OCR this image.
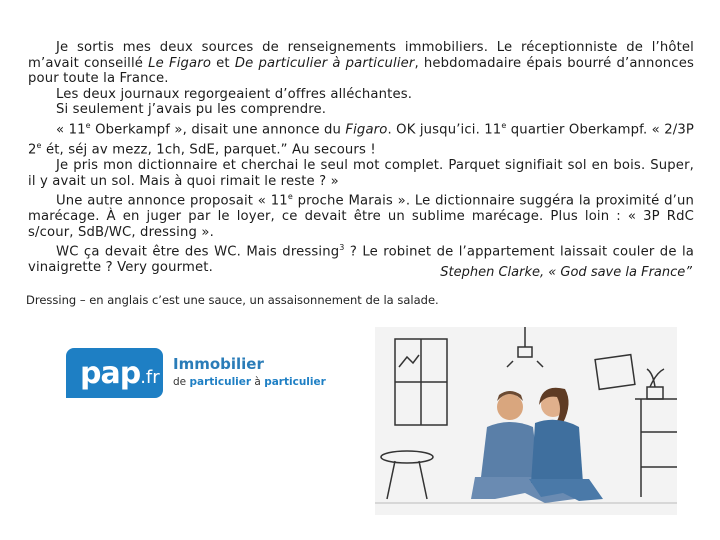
Je sortis mes deux sources de renseignements immobiliers. Le réceptionniste de l’hôtel m’avait conseillé Le Figaro et De particulier à particulier, hebdomadaire épais bourré d’annonces pour toute la France.

Les deux journaux regorgeaient d’offres alléchantes.

Si seulement j’avais pu les comprendre.

« 11e Oberkampf », disait une annonce du Figaro. OK jusqu’ici. 11e quartier Oberkampf. « 2/3P 2e ét, séj av mezz, 1ch, SdE, parquet.” Au secours !

Je pris mon dictionnaire et cherchai le seul mot complet. Parquet signifiait sol en bois. Super, il y avait un sol. Mais à quoi rimait le reste ? »

Une autre annonce proposait « 11e proche Marais ». Le dictionnaire suggéra la proximité d’un marécage. À en juger par le loyer, ce devait être un sublime marécage. Plus loin : « 3P RdC s/cour, SdB/WC, dressing ».

WC ça devait être des WC. Mais dressing$^3$ ? Le robinet de l’appartement laissait couler de la vinaigrette ? Very gourmet.	Stephen Clarke, « God save la France”
Dressing – en anglais c’est une sauce, un assaisonnement de la salade.
pap.fr
Immobilier
de particulier à particulier
